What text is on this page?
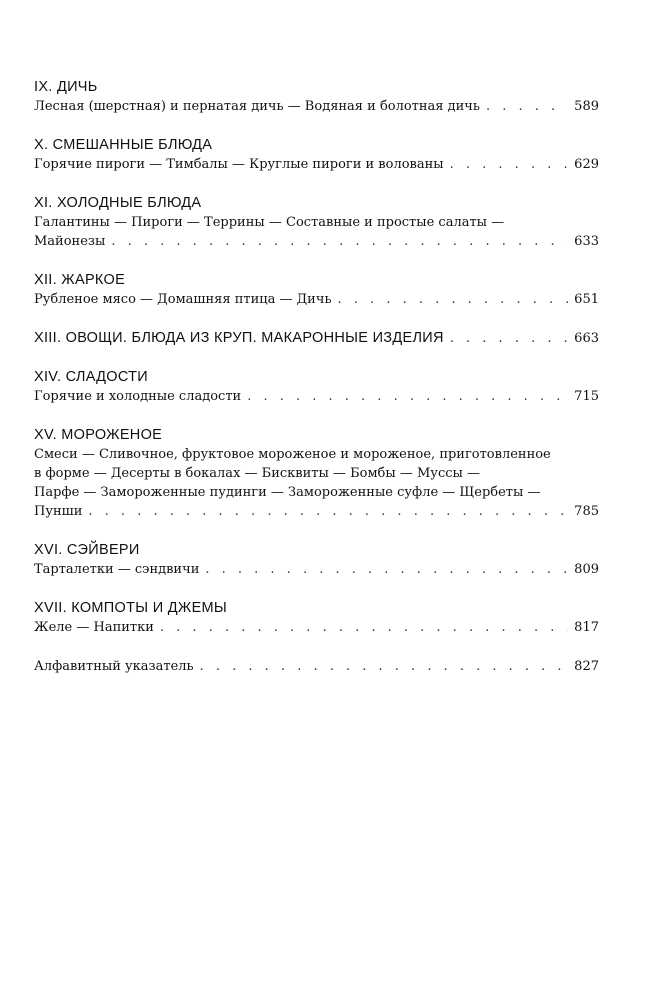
IX. ДИЧЬ
Лесная (шерстная) и пернатая дичь — Водяная и болотная дичь . . .	589
X. СМЕШАННЫЕ БЛЮДА
Горячие пироги — Тимбалы — Круглые пироги и волованы . . .	629
XI. ХОЛОДНЫЕ БЛЮДА
Галантины — Пироги — Террины — Составные и простые салаты —
Майонезы . . .	633
XII. ЖАРКОЕ
Рубленое мясо — Домашняя птица — Дичь . . .	651
XIII. ОВОЩИ. БЛЮДА ИЗ КРУП. МАКАРОННЫЕ ИЗДЕЛИЯ . . .	663
XIV. СЛАДОСТИ
Горячие и холодные сладости . . .	715
XV. МОРОЖЕНОЕ
Смеси — Сливочное, фруктовое мороженое и мороженое, приготовленное
в форме — Десерты в бокалах — Бисквиты — Бомбы — Муссы —
Парфе — Замороженные пудинги — Замороженные суфле — Щербеты —
Пунши . . .	785
XVI. СЭЙВЕРИ
Тарталетки — сэндвичи . . .	809
XVII. КОМПОТЫ И ДЖЕМЫ
Желе — Напитки . . .	817
Алфавитный указатель . . .	827
